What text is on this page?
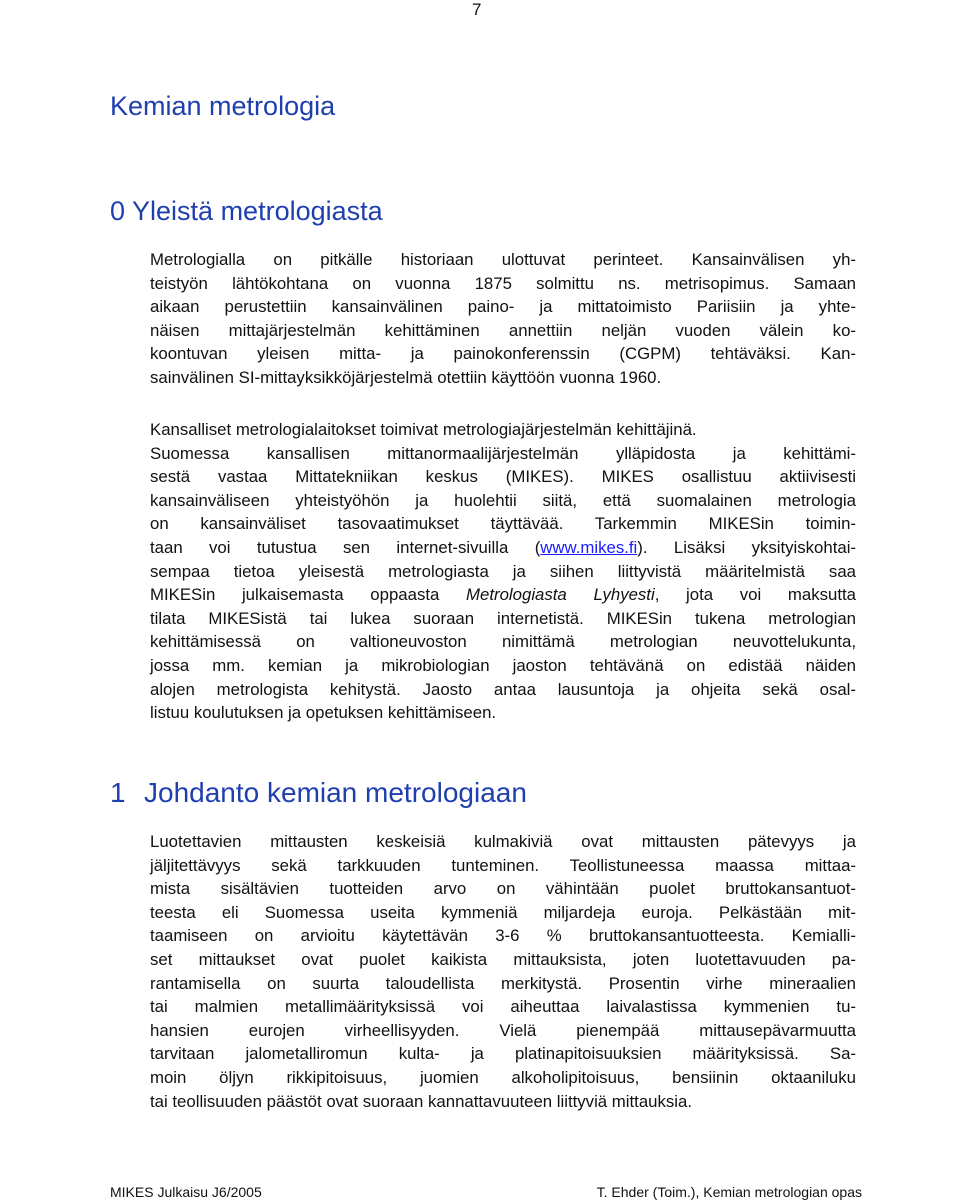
7
Kemian metrologia
0 Yleistä metrologiasta

Metrologialla on pitkälle historiaan ulottuvat perinteet. Kansainvälisen yh-
teistyön lähtökohtana on vuonna 1875 solmittu ns. metrisopimus. Samaan
aikaan perustettiin kansainvälinen paino- ja mittatoimisto Pariisiin ja yhte-
näisen mittajärjestelmän kehittäminen annettiin neljän vuoden välein ko-
koontuvan yleisen mitta- ja painokonferenssin (CGPM) tehtäväksi. Kan-
sainvälinen SI-mittayksikköjärjestelmä otettiin käyttöön vuonna 1960.

Kansalliset metrologialaitokset toimivat metrologiajärjestelmän kehittäjinä.
Suomessa kansallisen mittanormaalijärjestelmän ylläpidosta ja kehittämi-
sestä vastaa Mittatekniikan keskus (MIKES). MIKES osallistuu aktiivisesti
kansainväliseen yhteistyöhön ja huolehtii siitä, että suomalainen metrologia
on kansainväliset tasovaatimukset täyttävää. Tarkemmin MIKESin toimin-
taan voi tutustua sen internet-sivuilla (www.mikes.fi). Lisäksi yksityiskohtai-
sempaa tietoa yleisestä metrologiasta ja siihen liittyvistä määritelmistä saa
MIKESin julkaisemasta oppaasta Metrologiasta Lyhyesti, jota voi maksutta
tilata MIKESistä tai lukea suoraan internetistä. MIKESin tukena metrologian
kehittämisessä on valtioneuvoston nimittämä metrologian neuvottelukunta,
jossa mm. kemian ja mikrobiologian jaoston tehtävänä on edistää näiden
alojen metrologista kehitystä. Jaosto antaa lausuntoja ja ohjeita sekä osal-
listuu koulutuksen ja opetuksen kehittämiseen.

1 Johdanto kemian metrologiaan

Luotettavien mittausten keskeisiä kulmakiviä ovat mittausten pätevyys ja
jäljitettävyys sekä tarkkuuden tunteminen. Teollistuneessa maassa mittaa-
mista sisältävien tuotteiden arvo on vähintään puolet bruttokansantuot-
teesta eli Suomessa useita kymmeniä miljardeja euroja. Pelkästään mit-
taamiseen on arvioitu käytettävän 3-6 % bruttokansantuotteesta. Kemialli-
set mittaukset ovat puolet kaikista mittauksista, joten luotettavuuden pa-
rantamisella on suurta taloudellista merkitystä. Prosentin virhe mineraalien
tai malmien metallimäärityksissä voi aiheuttaa laivalastissa kymmenien tu-
hansien eurojen virheellisyyden. Vielä pienempää mittausepävarmuutta
tarvitaan jalometalliromun kulta- ja platinapitoisuuksien määrityksissä. Sa-
moin öljyn rikkipitoisuus, juomien alkoholipitoisuus, bensiinin oktaaniluku
tai teollisuuden päästöt ovat suoraan kannattavuuteen liittyviä mittauksia.

MIKES Julkaisu J6/2005	T. Ehder (Toim.), Kemian metrologian opas
